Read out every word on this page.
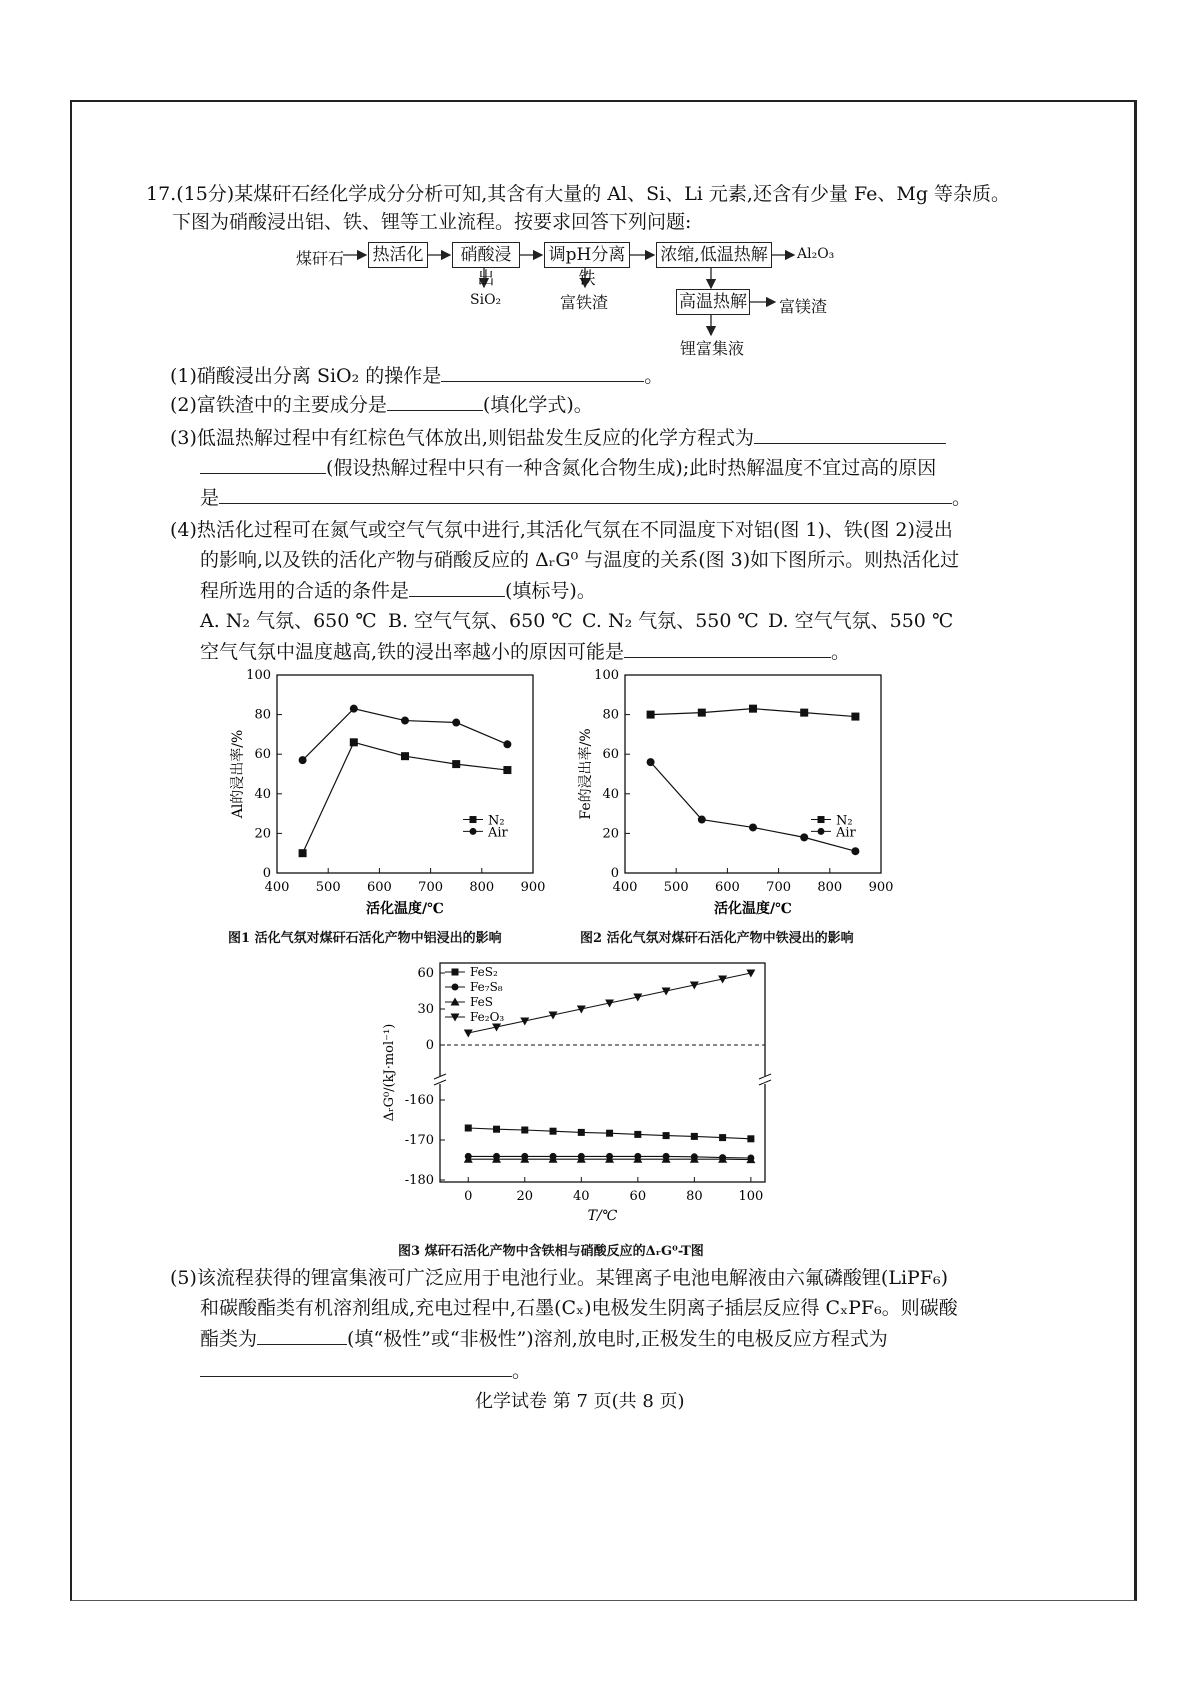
17.(15分)某煤矸石经化学成分分析可知,其含有大量的 Al、Si、Li 元素,还含有少量 Fe、Mg 等杂质。
下图为硝酸浸出铝、铁、锂等工业流程。按要求回答下列问题:
煤矸石 热活化	硝酸浸出
调pH分离铁
浓缩,低温热解
高温热解
Al₂O₃
SiO₂	富铁渣	富镁渣
锂富集液
(1)硝酸浸出分离 SiO₂ 的操作是	。
(2)富铁渣中的主要成分是	(填化学式)。
(3)低温热解过程中有红棕色气体放出,则铝盐发生反应的化学方程式为
(假设热解过程中只有一种含氮化合物生成);此时热解温度不宜过高的原因
是	。
(4)热活化过程可在氮气或空气气氛中进行,其活化气氛在不同温度下对铝(图 1)、铁(图 2)浸出
的影响,以及铁的活化产物与硝酸反应的 ΔᵣG⁰ 与温度的关系(图 3)如下图所示。则热活化过
程所选用的合适的条件是	(填标号)。
A. N₂ 气氛、650 ℃ B. 空气气氛、650 ℃ C. N₂ 气氛、550 ℃ D. 空气气氛、550 ℃
空气气氛中温度越高,铁的浸出率越小的原因可能是	。
400 500 600 700 800 900
0
20
40
60
80
100
活化温度/℃
Al的浸出率/%
N₂
Air
400 500 600 700 800 900
0
20
40
60
80
100
活化温度/℃
Fe的浸出率/%
N₂
Air
图1 活化气氛对煤矸石活化产物中铝浸出的影响	图2 活化气氛对煤矸石活化产物中铁浸出的影响
0	20	40	60	80	100
0
30
60
-180
-170
-160
T/℃
ΔᵣG⁰/(kJ·mol⁻¹)
FeS₂
Fe₇S₈
FeS
Fe₂O₃
图3 煤矸石活化产物中含铁相与硝酸反应的ΔᵣG⁰-T图
(5)该流程获得的锂富集液可广泛应用于电池行业。某锂离子电池电解液由六氟磷酸锂(LiPF₆)
和碳酸酯类有机溶剂组成,充电过程中,石墨(Cₓ)电极发生阴离子插层反应得 CₓPF₆。则碳酸
酯类为	(填“极性”或“非极性”)溶剂,放电时,正极发生的电极反应方程式为
。
化学试卷 第 7 页(共 8 页)
